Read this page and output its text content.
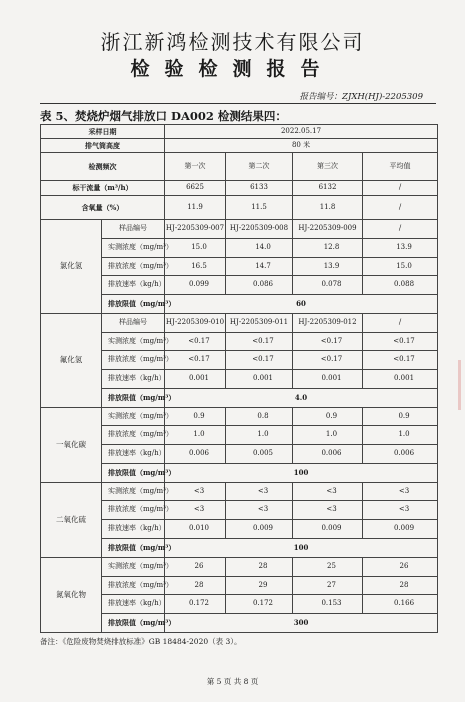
浙江新鸿检测技术有限公司
检验检测报告
报告编号：ZJXH(HJ)-2205309
表 5、焚烧炉烟气排放口 DA002 检测结果四：
采样日期		2022.05.17			
排气筒高度		80 米			
检测频次		第一次	第二次	第三次	平均值
标干流量（m³/h）		6625	6133	6132	/
含氧量（%）		11.9	11.5	11.8	/
氯化氢	样品编号	HJ-2205309-007	HJ-2205309-008	HJ-2205309-009	/
	实测浓度（mg/m³）	15.0	14.0	12.8	13.9
	排放浓度（mg/m³）	16.5	14.7	13.9	15.0
	排放速率（kg/h）	0.099	0.086	0.078	0.088
	排放限值（mg/m³）	60			
氟化氢	样品编号	HJ-2205309-010	HJ-2205309-011	HJ-2205309-012	/
	实测浓度（mg/m³）	<0.17	<0.17	<0.17	<0.17
	排放浓度（mg/m³）	<0.17	<0.17	<0.17	<0.17
	排放速率（kg/h）	0.001	0.001	0.001	0.001
	排放限值（mg/m³）	4.0			
一氧化碳	实测浓度（mg/m³）	0.9	0.8	0.9	0.9
	排放浓度（mg/m³）	1.0	1.0	1.0	1.0
	排放速率（kg/h）	0.006	0.005	0.006	0.006
	排放限值（mg/m³）	100			
二氧化硫	实测浓度（mg/m³）	<3	<3	<3	<3
	排放浓度（mg/m³）	<3	<3	<3	<3
	排放速率（kg/h）	0.010	0.009	0.009	0.009
	排放限值（mg/m³）	100			
氮氧化物	实测浓度（mg/m³）	26	28	25	26
	排放浓度（mg/m³）	28	29	27	28
	排放速率（kg/h）	0.172	0.172	0.153	0.166
	排放限值（mg/m³）	300			
备注：《危险废物焚烧排放标准》GB 18484-2020（表 3）。
第 5 页 共 8 页
